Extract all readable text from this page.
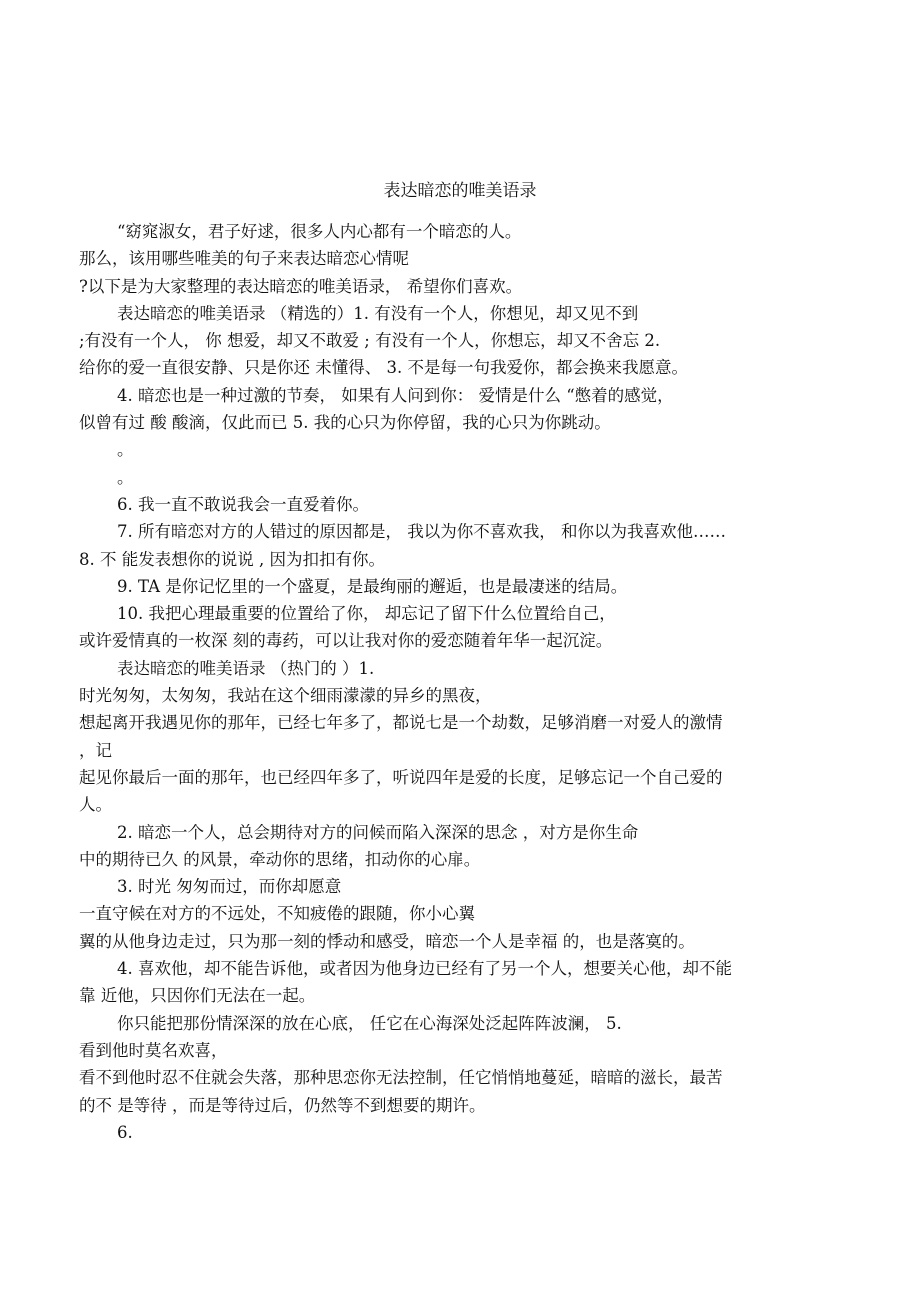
表达暗恋的唯美语录
“窈窕淑女，君子好逑，很多人内心都有一个暗恋的人。
那么，该用哪些唯美的句子来表达暗恋心情呢
?以下是为大家整理的表达暗恋的唯美语录， 希望你们喜欢。
表达暗恋的唯美语录 （精选的）1. 有没有一个人，你想见，却又见不到
;有没有一个人， 你 想爱，却又不敢爱 ; 有没有一个人，你想忘，却又不舍忘 2.
给你的爱一直很安静、只是你还 未懂得、 3. 不是每一句我爱你，都会换来我愿意。
4. 暗恋也是一种过激的节奏， 如果有人问到你： 爱情是什么 “憋着的感觉，
似曾有过 酸 酸滴，仅此而已 5. 我的心只为你停留，我的心只为你跳动。
。
。
6. 我一直不敢说我会一直爱着你。
7. 所有暗恋对方的人错过的原因都是， 我以为你不喜欢我， 和你以为我喜欢他……
8. 不 能发表想你的说说 , 因为扣扣有你。
9. TA 是你记忆里的一个盛夏，是最绚丽的邂逅，也是最凄迷的结局。
10. 我把心理最重要的位置给了你， 却忘记了留下什么位置给自己，
或许爱情真的一枚深 刻的毒药，可以让我对你的爱恋随着年华一起沉淀。
表达暗恋的唯美语录 （热门的 ）1.
时光匆匆，太匆匆，我站在这个细雨濛濛的异乡的黑夜，
想起离开我遇见你的那年，已经七年多了，都说七是一个劫数，足够消磨一对爱人的激情
，记
起见你最后一面的那年，也已经四年多了，听说四年是爱的长度，足够忘记一个自己爱的
人。
2. 暗恋一个人，总会期待对方的问候而陷入深深的思念 ，对方是你生命
中的期待已久 的风景，牵动你的思绪，扣动你的心扉。
3. 时光 匆匆而过，而你却愿意
一直守候在对方的不远处，不知疲倦的跟随，你小心翼
翼的从他身边走过，只为那一刻的悸动和感受，暗恋一个人是幸福 的，也是落寞的。
4. 喜欢他，却不能告诉他，或者因为他身边已经有了另一个人，想要关心他，却不能
靠 近他，只因你们无法在一起。
你只能把那份情深深的放在心底， 任它在心海深处泛起阵阵波澜， 5.
看到他时莫名欢喜，
看不到他时忍不住就会失落，那种思恋你无法控制，任它悄悄地蔓延，暗暗的滋长，最苦
的不 是等待 ，而是等待过后，仍然等不到想要的期许。
6.
